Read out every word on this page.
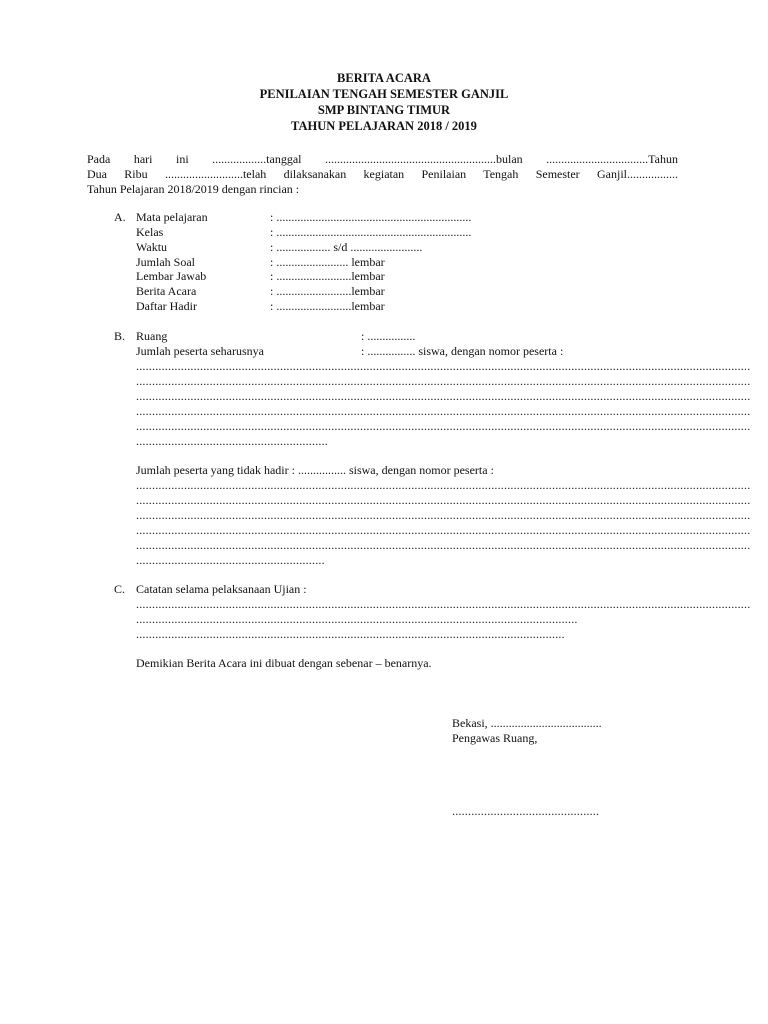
BERITA ACARA
PENILAIAN TENGAH SEMESTER GANJIL
SMP BINTANG TIMUR
TAHUN PELAJARAN 2018 / 2019
Pada hari ini ..................tanggal .........................................................bulan ..................................Tahun
Dua Ribu ..........................telah dilaksanakan kegiatan Penilaian Tengah Semester Ganjil.................
Tahun Pelajaran 2018/2019 dengan rincian :
A. Mata pelajaran	: .................................................................
Kelas	: .................................................................
Waktu	: .................. s/d ........................
Jumlah Soal	: ........................ lembar
Lembar Jawab	: .........................lembar
Berita Acara	: .........................lembar
Daftar Hadir	: .........................lembar
B. Ruang	: ................
Jumlah peserta seharusnya	: ................ siswa, dengan nomor peserta :
................................................................................................................................................................................................
................................................................................................................................................................................................
................................................................................................................................................................................................
................................................................................................................................................................................................
................................................................................................................................................................................................
............................................................
Jumlah peserta yang tidak hadir : ................ siswa, dengan nomor peserta :
................................................................................................................................................................................................
................................................................................................................................................................................................
................................................................................................................................................................................................
................................................................................................................................................................................................
................................................................................................................................................................................................
...........................................................
C. Catatan selama pelaksanaan Ujian :
................................................................................................................................................................................................
..........................................................................................................................................
......................................................................................................................................
Demikian Berita Acara ini dibuat dengan sebenar – benarnya.
Bekasi, .....................................
Pengawas Ruang,
..............................................
